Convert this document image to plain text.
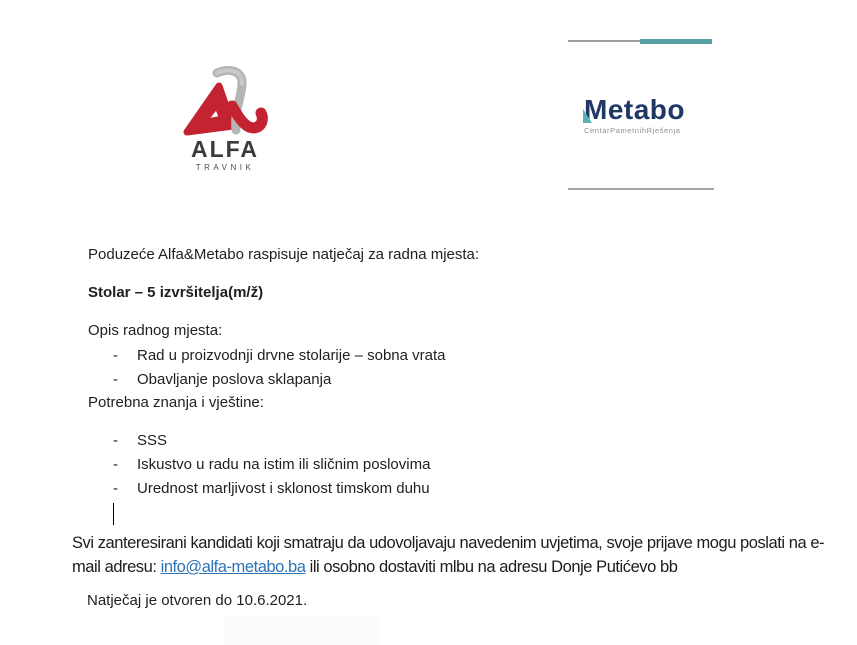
ALFA
TRAVNIK
Metabo
CentarPametnihRješenja
Poduzeće Alfa&Metabo raspisuje natječaj za radna mjesta:
Stolar – 5 izvršitelja(m/ž)
Opis radnog mjesta:
-	Rad u proizvodnji drvne stolarije – sobna vrata
-	Obavljanje poslova sklapanja
Potrebna znanja i vještine:
-	SSS
-	Iskustvo u radu na istim ili sličnim poslovima
-	Urednost marljivost i sklonost timskom duhu
Svi zanteresirani kandidati koji smatraju da udovoljavaju navedenim uvjetima, svoje prijave mogu poslati na e-mail adresu: info@alfa-metabo.ba ili osobno dostaviti mlbu na adresu Donje Putićevo bb
Natječaj je otvoren do 10.6.2021.
